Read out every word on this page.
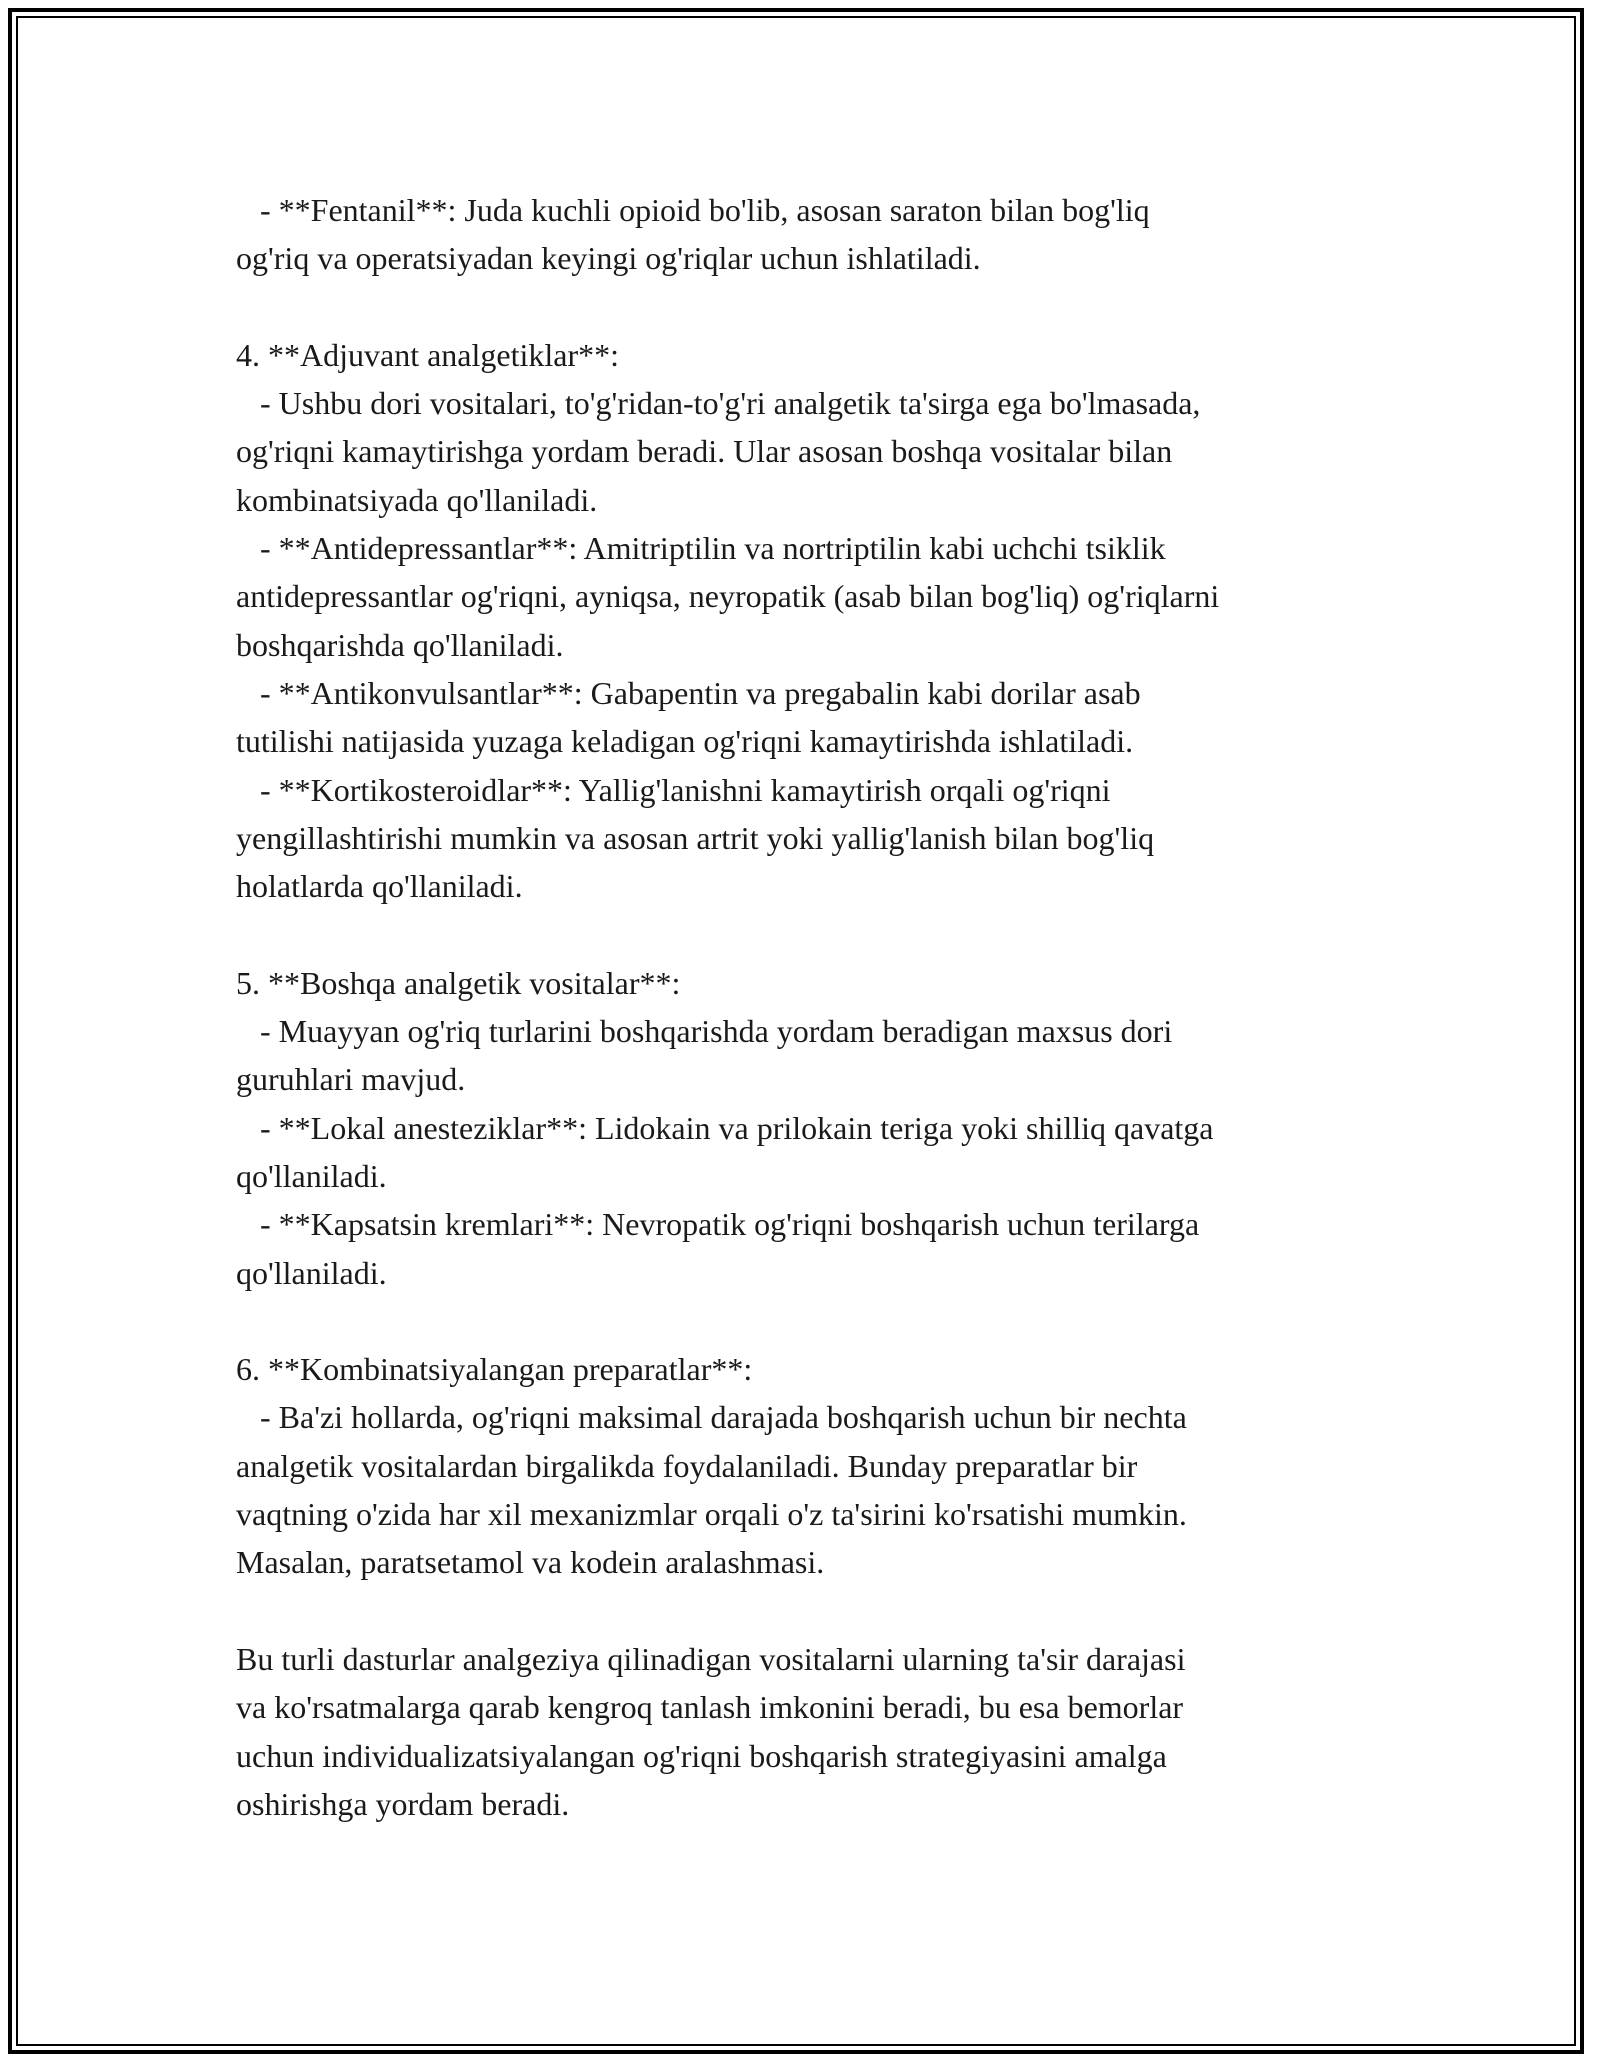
- **Fentanil**: Juda kuchli opioid bo'lib, asosan saraton bilan bog'liq
og'riq va operatsiyadan keyingi og'riqlar uchun ishlatiladi.
4. **Adjuvant analgetiklar**:
- Ushbu dori vositalari, to'g'ridan-to'g'ri analgetik ta'sirga ega bo'lmasada,
og'riqni kamaytirishga yordam beradi. Ular asosan boshqa vositalar bilan
kombinatsiyada qo'llaniladi.
- **Antidepressantlar**: Amitriptilin va nortriptilin kabi uchchi tsiklik
antidepressantlar og'riqni, ayniqsa, neyropatik (asab bilan bog'liq) og'riqlarni
boshqarishda qo'llaniladi.
- **Antikonvulsantlar**: Gabapentin va pregabalin kabi dorilar asab
tutilishi natijasida yuzaga keladigan og'riqni kamaytirishda ishlatiladi.
- **Kortikosteroidlar**: Yallig'lanishni kamaytirish orqali og'riqni
yengillashtirishi mumkin va asosan artrit yoki yallig'lanish bilan bog'liq
holatlarda qo'llaniladi.
5. **Boshqa analgetik vositalar**:
- Muayyan og'riq turlarini boshqarishda yordam beradigan maxsus dori
guruhlari mavjud.
- **Lokal anesteziklar**: Lidokain va prilokain teriga yoki shilliq qavatga
qo'llaniladi.
- **Kapsatsin kremlari**: Nevropatik og'riqni boshqarish uchun terilarga
qo'llaniladi.
6. **Kombinatsiyalangan preparatlar**:
- Ba'zi hollarda, og'riqni maksimal darajada boshqarish uchun bir nechta
analgetik vositalardan birgalikda foydalaniladi. Bunday preparatlar bir
vaqtning o'zida har xil mexanizmlar orqali o'z ta'sirini ko'rsatishi mumkin.
Masalan, paratsetamol va kodein aralashmasi.
Bu turli dasturlar analgeziya qilinadigan vositalarni ularning ta'sir darajasi
va ko'rsatmalarga qarab kengroq tanlash imkonini beradi, bu esa bemorlar
uchun individualizatsiyalangan og'riqni boshqarish strategiyasini amalga
oshirishga yordam beradi.
